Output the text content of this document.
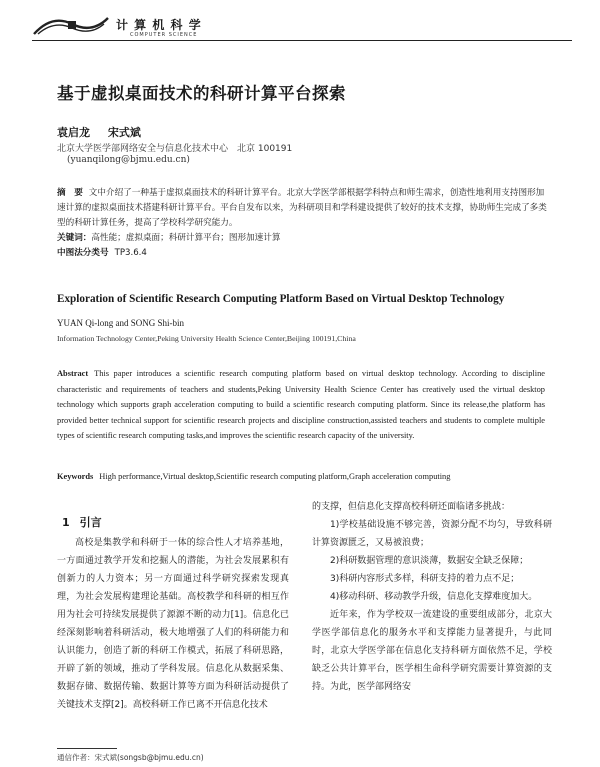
计 算 机 科 学
COMPUTER SCIENCE
基于虚拟桌面技术的科研计算平台探索
袁启龙 宋式斌
北京大学医学部网络安全与信息化技术中心　北京 100191
(yuanqilong@bjmu.edu.cn)
摘　要 文中介绍了一种基于虚拟桌面技术的科研计算平台。北京大学医学部根据学科特点和师生需求，创造性地利用支持图形加速计算的虚拟桌面技术搭建科研计算平台。平台自发布以来，为科研项目和学科建设提供了较好的技术支撑，协助师生完成了多类型的科研计算任务，提高了学校科学研究能力。
关键词：高性能；虚拟桌面；科研计算平台；图形加速计算
中图法分类号 TP3.6.4
Exploration of Scientific Research Computing Platform Based on Virtual Desktop Technology
YUAN Qi-long and SONG Shi-bin
Information Technology Center,Peking University Health Science Center,Beijing 100191,China
Abstract This paper introduces a scientific research computing platform based on virtual desktop technology. According to discipline characteristic and requirements of teachers and students,Peking University Health Science Center has creatively used the virtual desktop technology which supports graph acceleration computing to build a scientific research computing platform. Since its release,the platform has provided better technical support for scientific research projects and discipline construction,assisted teachers and students to complete multiple types of scientific research computing tasks,and improves the scientific research capacity of the university.
Keywords High performance,Virtual desktop,Scientific research computing platform,Graph acceleration computing
1 引言

高校是集教学和科研于一体的综合性人才培养基地，一方面通过教学开发和挖掘人的潜能，为社会发展累积有创新力的人力资本；另一方面通过科学研究探索发现真理，为社会发展构建理论基础。高校教学和科研的相互作用为社会可持续发展提供了源源不断的动力[1]。信息化已经深刻影响着科研活动，极大地增强了人们的科研能力和认识能力，创造了新的科研工作模式，拓展了科研思路，开辟了新的领域，推动了学科发展。信息化从数据采集、数据存储、数据传输、数据计算等方面为科研活动提供了关键技术支撑[2]。高校科研工作已离不开信息化技术

的支撑，但信息化支撑高校科研还面临诸多挑战：

1)学校基础设施不够完善，资源分配不均匀，导致科研计算资源匮乏，又易被浪费；

2)科研数据管理的意识淡薄，数据安全缺乏保障；

3)科研内容形式多样，科研支持的着力点不足；

4)移动科研、移动教学升级，信息化支撑难度加大。

近年来，作为学校双一流建设的重要组成部分，北京大学医学部信息化的服务水平和支撑能力显著提升，与此同时，北京大学医学部在信息化支持科研方面依然不足，学校缺乏公共计算平台，医学相生命科学研究需要计算资源的支持。为此，医学部网络安

通信作者：宋式斌(songsb@bjmu.edu.cn)
